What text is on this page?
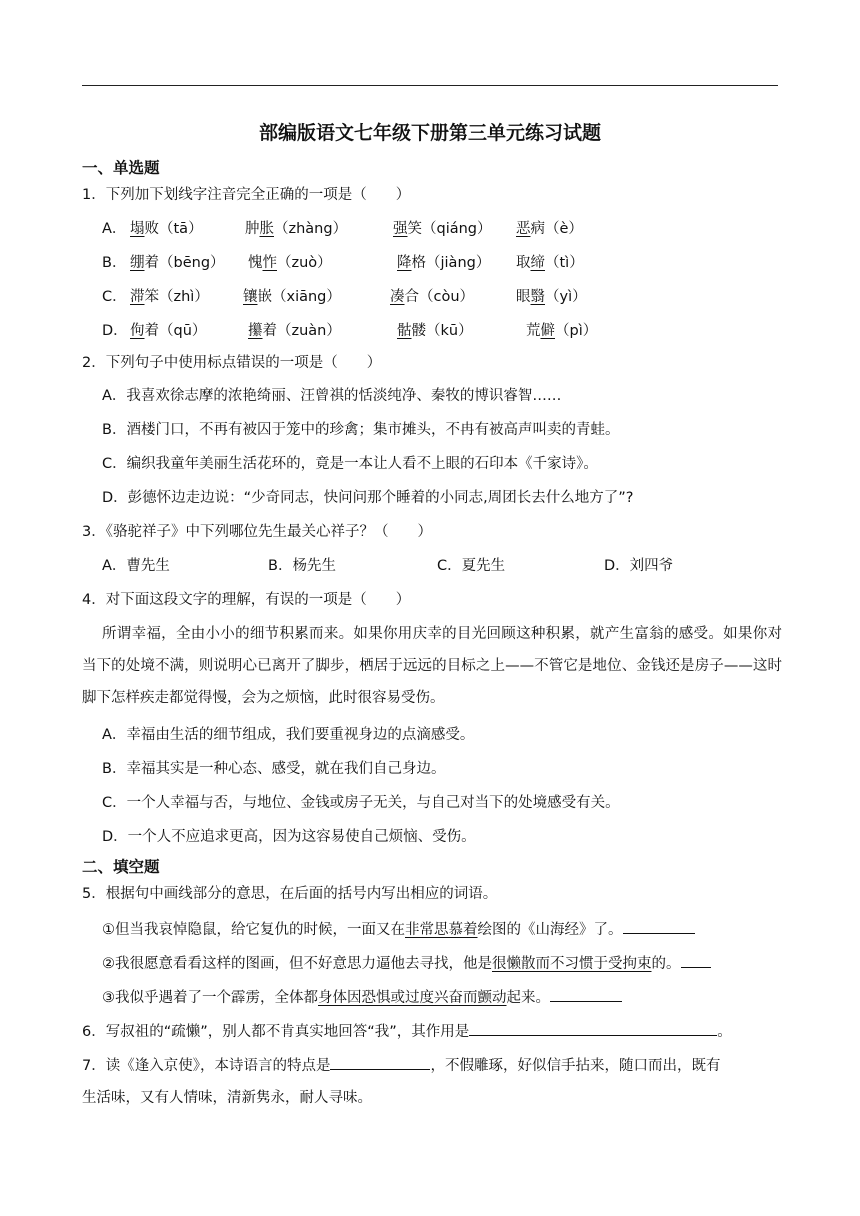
部编版语文七年级下册第三单元练习试题
一、单选题
1．下列加下划线字注音完全正确的一项是（　　）
A． 塌败（tā）	肿胀（zhàng）	强笑（qiáng） 恶病（è）
B． 绷着（bēng） 愧怍（zuò）	降格（jiàng） 取缔（tì）
C． 滞笨（zhì） 镶嵌（xiāng）	凑合（còu）	眼翳（yì）
D． 佝着（qū）	攥着（zuàn）	骷髅（kū）	荒僻（pì）
2．下列句子中使用标点错误的一项是（　　）
A．我喜欢徐志摩的浓艳绮丽、汪曾祺的恬淡纯净、秦牧的博识睿智……
B．酒楼门口，不再有被囚于笼中的珍禽；集市摊头，不冉有被高声叫卖的青蛙。
C．编织我童年美丽生活花环的，竟是一本让人看不上眼的石印本《千家诗》。
D．彭德怀边走边说：“少奇同志，快问问那个睡着的小同志,周团长去什么地方了”?
3．《骆驼祥子》中下列哪位先生最关心祥子？（　　）
A．曹先生	B．杨先生	C．夏先生	D．刘四爷
4．对下面这段文字的理解，有误的一项是（　　）
所谓幸福，全由小小的细节积累而来。如果你用庆幸的目光回顾这种积累，就产生富翁的感受。如果你对当下的处境不满，则说明心已离开了脚步，栖居于远远的目标之上——不管它是地位、金钱还是房子——这时脚下怎样疾走都觉得慢，会为之烦恼，此时很容易受伤。
A．幸福由生活的细节组成，我们要重视身边的点滴感受。
B．幸福其实是一种心态、感受，就在我们自己身边。
C．一个人幸福与否，与地位、金钱或房子无关，与自己对当下的处境感受有关。
D．一个人不应追求更高，因为这容易使自己烦恼、受伤。
二、填空题
5．根据句中画线部分的意思，在后面的括号内写出相应的词语。
①但当我哀悼隐鼠，给它复仇的时候，一面又在非常思慕着绘图的《山海经》了。
②我很愿意看看这样的图画，但不好意思力逼他去寻找，他是很懒散而不习惯于受拘束的。
③我似乎遇着了一个霹雳，全体都身体因恐惧或过度兴奋而颤动起来。
6．写叔祖的“疏懒”，别人都不肯真实地回答“我”，其作用是	。
7．读《逢入京使》，本诗语言的特点是	，不假雕琢，好似信手拈来，随口而出，既有
生活味，又有人情味，清新隽永，耐人寻味。
